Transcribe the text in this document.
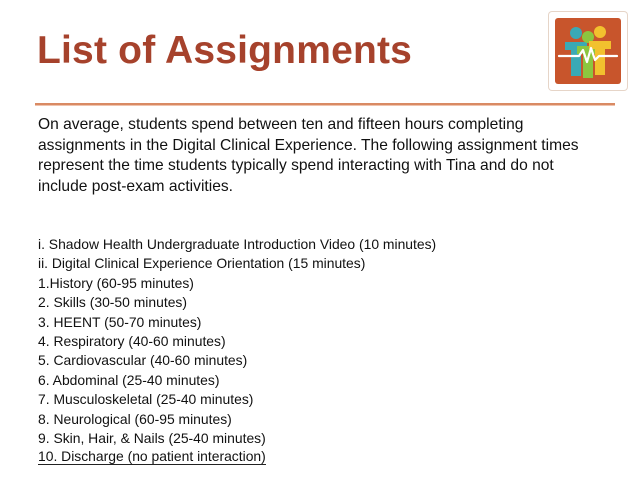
List of Assignments

On average, students spend between ten and fifteen hours completing assignments in the Digital Clinical Experience. The following assignment times represent the time students typically spend interacting with Tina and do not include post-exam activities.

i. Shadow Health Undergraduate Introduction Video (10 minutes)
ii. Digital Clinical Experience Orientation (15 minutes)
1.History (60-95 minutes)
2. Skills (30-50 minutes)
3. HEENT (50-70 minutes)
4. Respiratory (40-60 minutes)
5. Cardiovascular (40-60 minutes)
6. Abdominal (25-40 minutes)
7. Musculoskeletal (25-40 minutes)
8. Neurological (60-95 minutes)
9. Skin, Hair, & Nails (25-40 minutes)
10. Discharge (no patient interaction)
